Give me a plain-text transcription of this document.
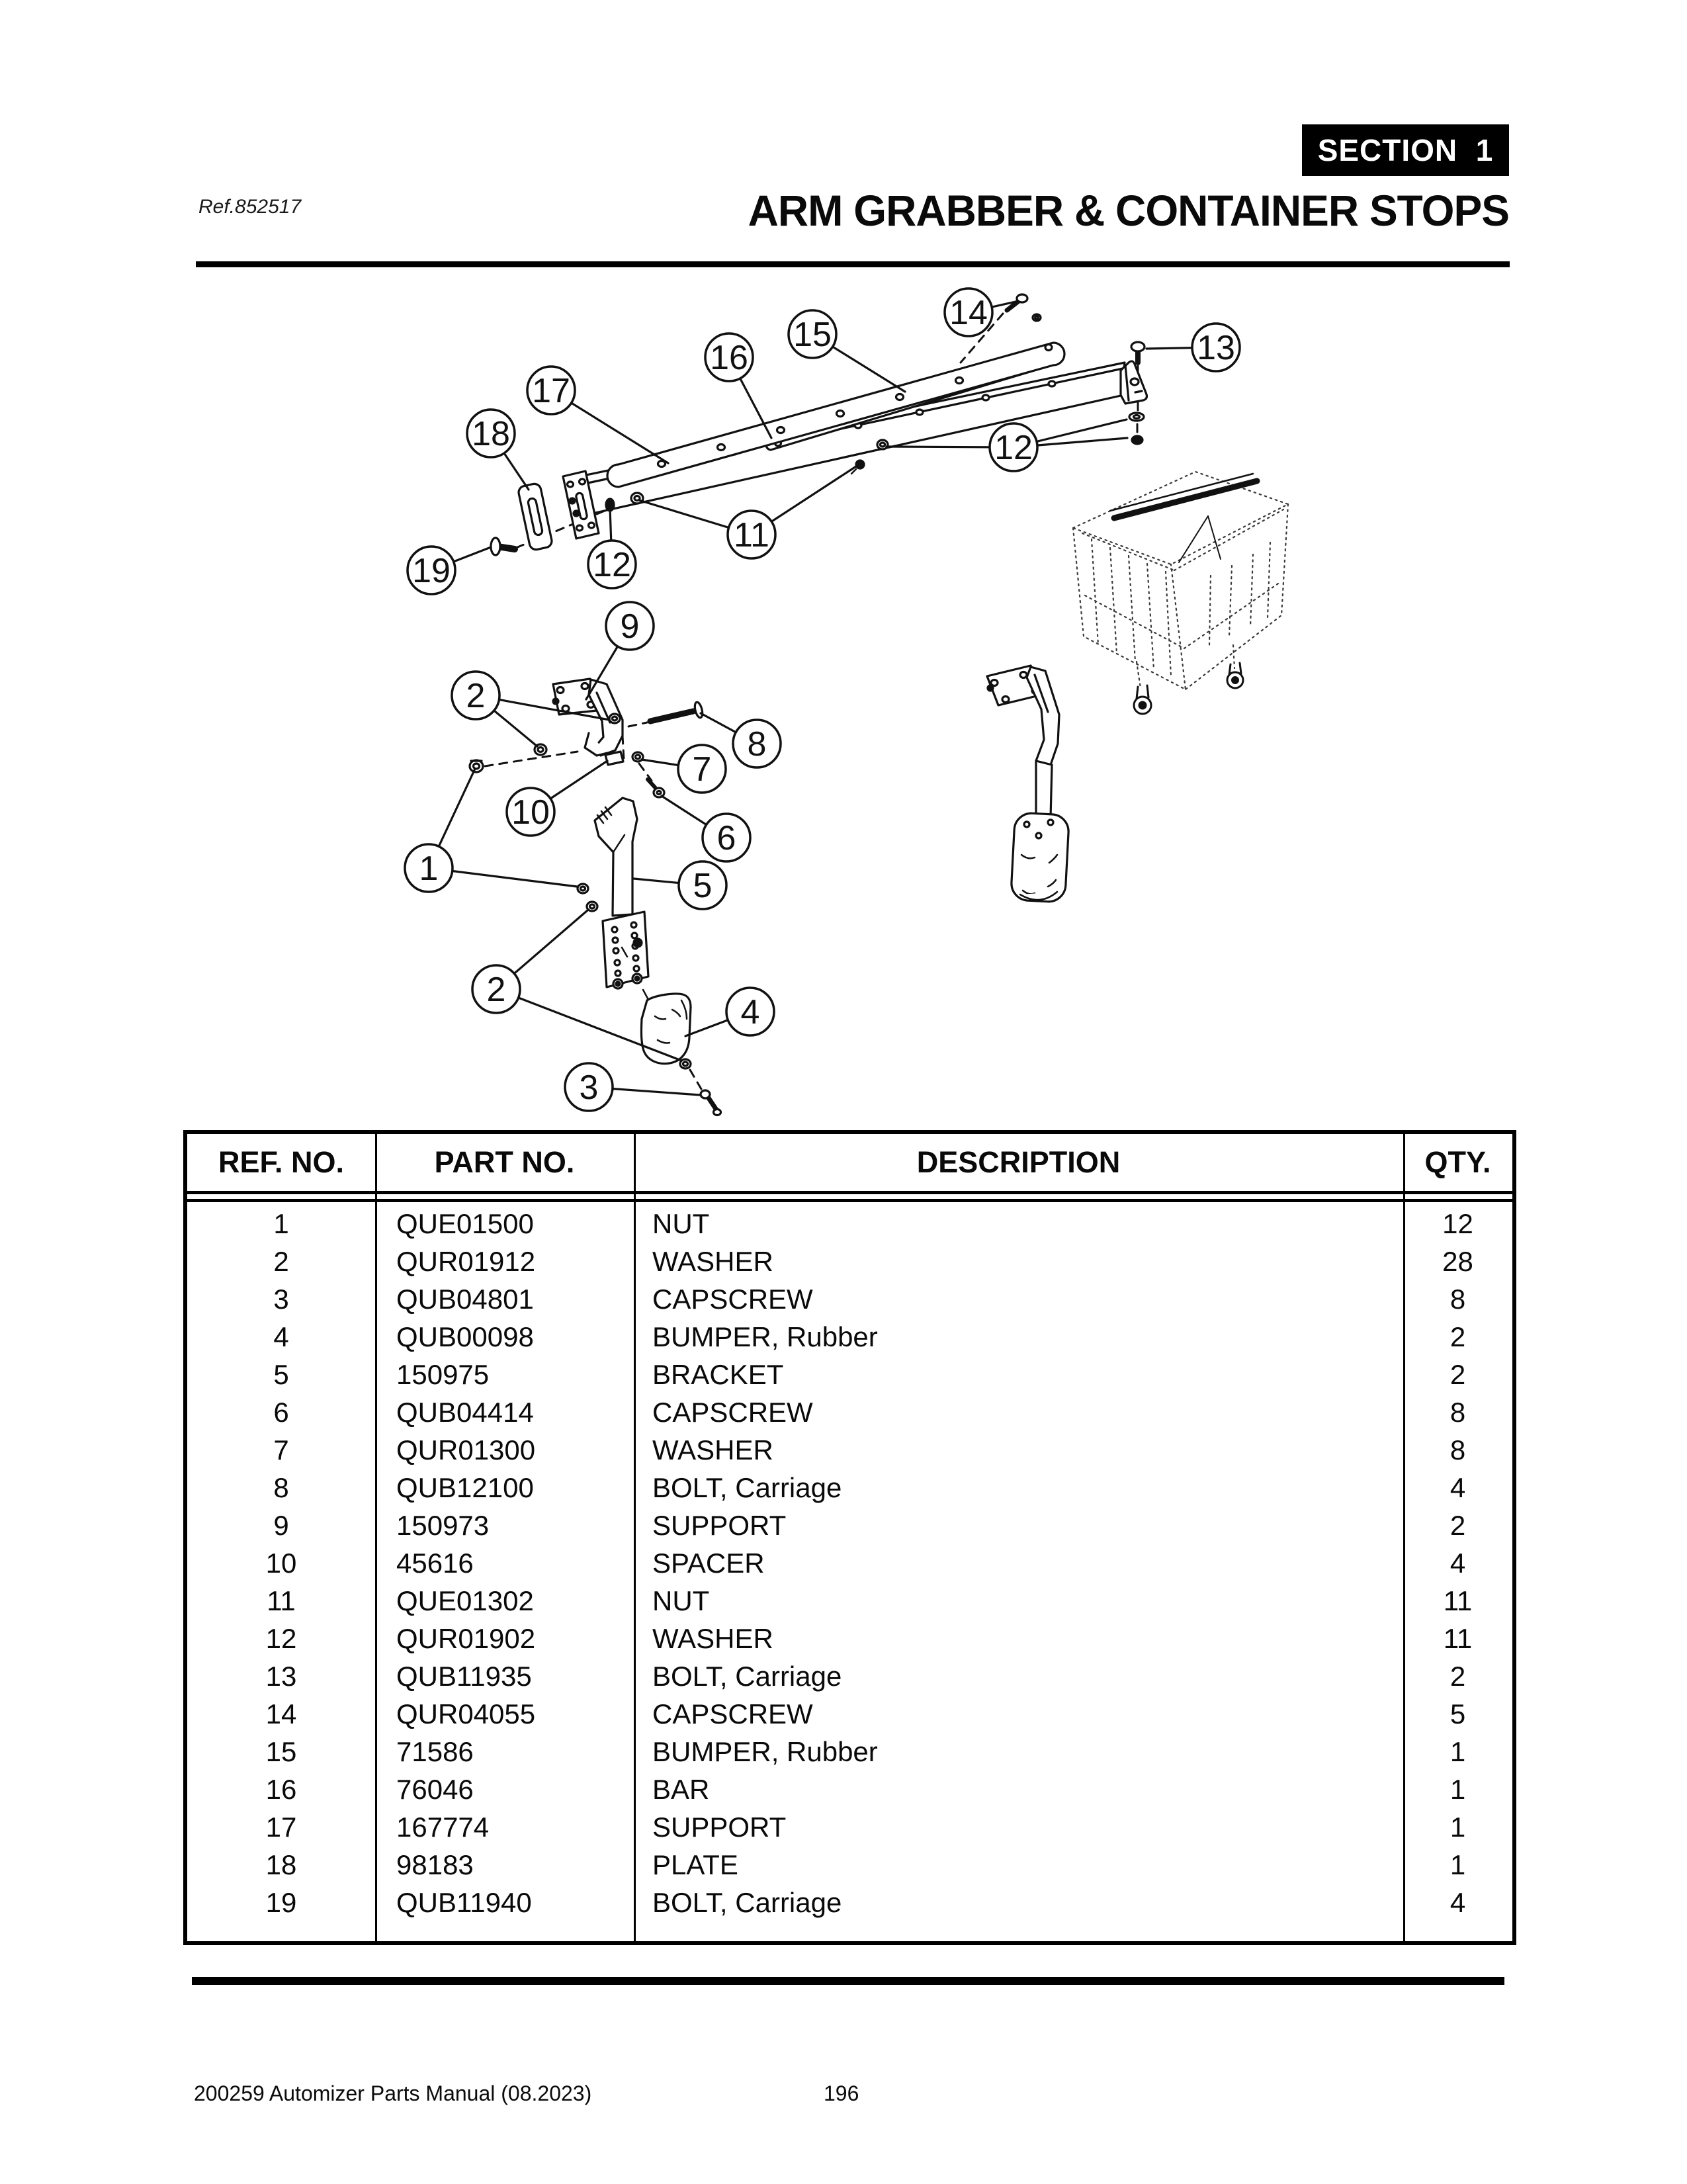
SECTION  1
Ref.852517	ARM GRABBER & CONTAINER STOPS
1
2
2
3
4
5
6
7
8
9
10
11
12
12
13
14
15
16
17
18
19
REF. NO.	PART NO.	DESCRIPTION	QTY.
1	QUE01500	NUT	12
2	QUR01912	WASHER	28
3	QUB04801	CAPSCREW	8
4	QUB00098	BUMPER, Rubber	2
5	150975	BRACKET	2
6	QUB04414	CAPSCREW	8
7	QUR01300	WASHER	8
8	QUB12100	BOLT, Carriage	4
9	150973	SUPPORT	2
10	45616	SPACER	4
11	QUE01302	NUT	11
12	QUR01902	WASHER	11
13	QUB11935	BOLT, Carriage	2
14	QUR04055	CAPSCREW	5
15	71586	BUMPER, Rubber	1
16	76046	BAR	1
17	167774	SUPPORT	1
18	98183	PLATE	1
19	QUB11940	BOLT, Carriage	4
200259 Automizer Parts Manual (08.2023)	196
